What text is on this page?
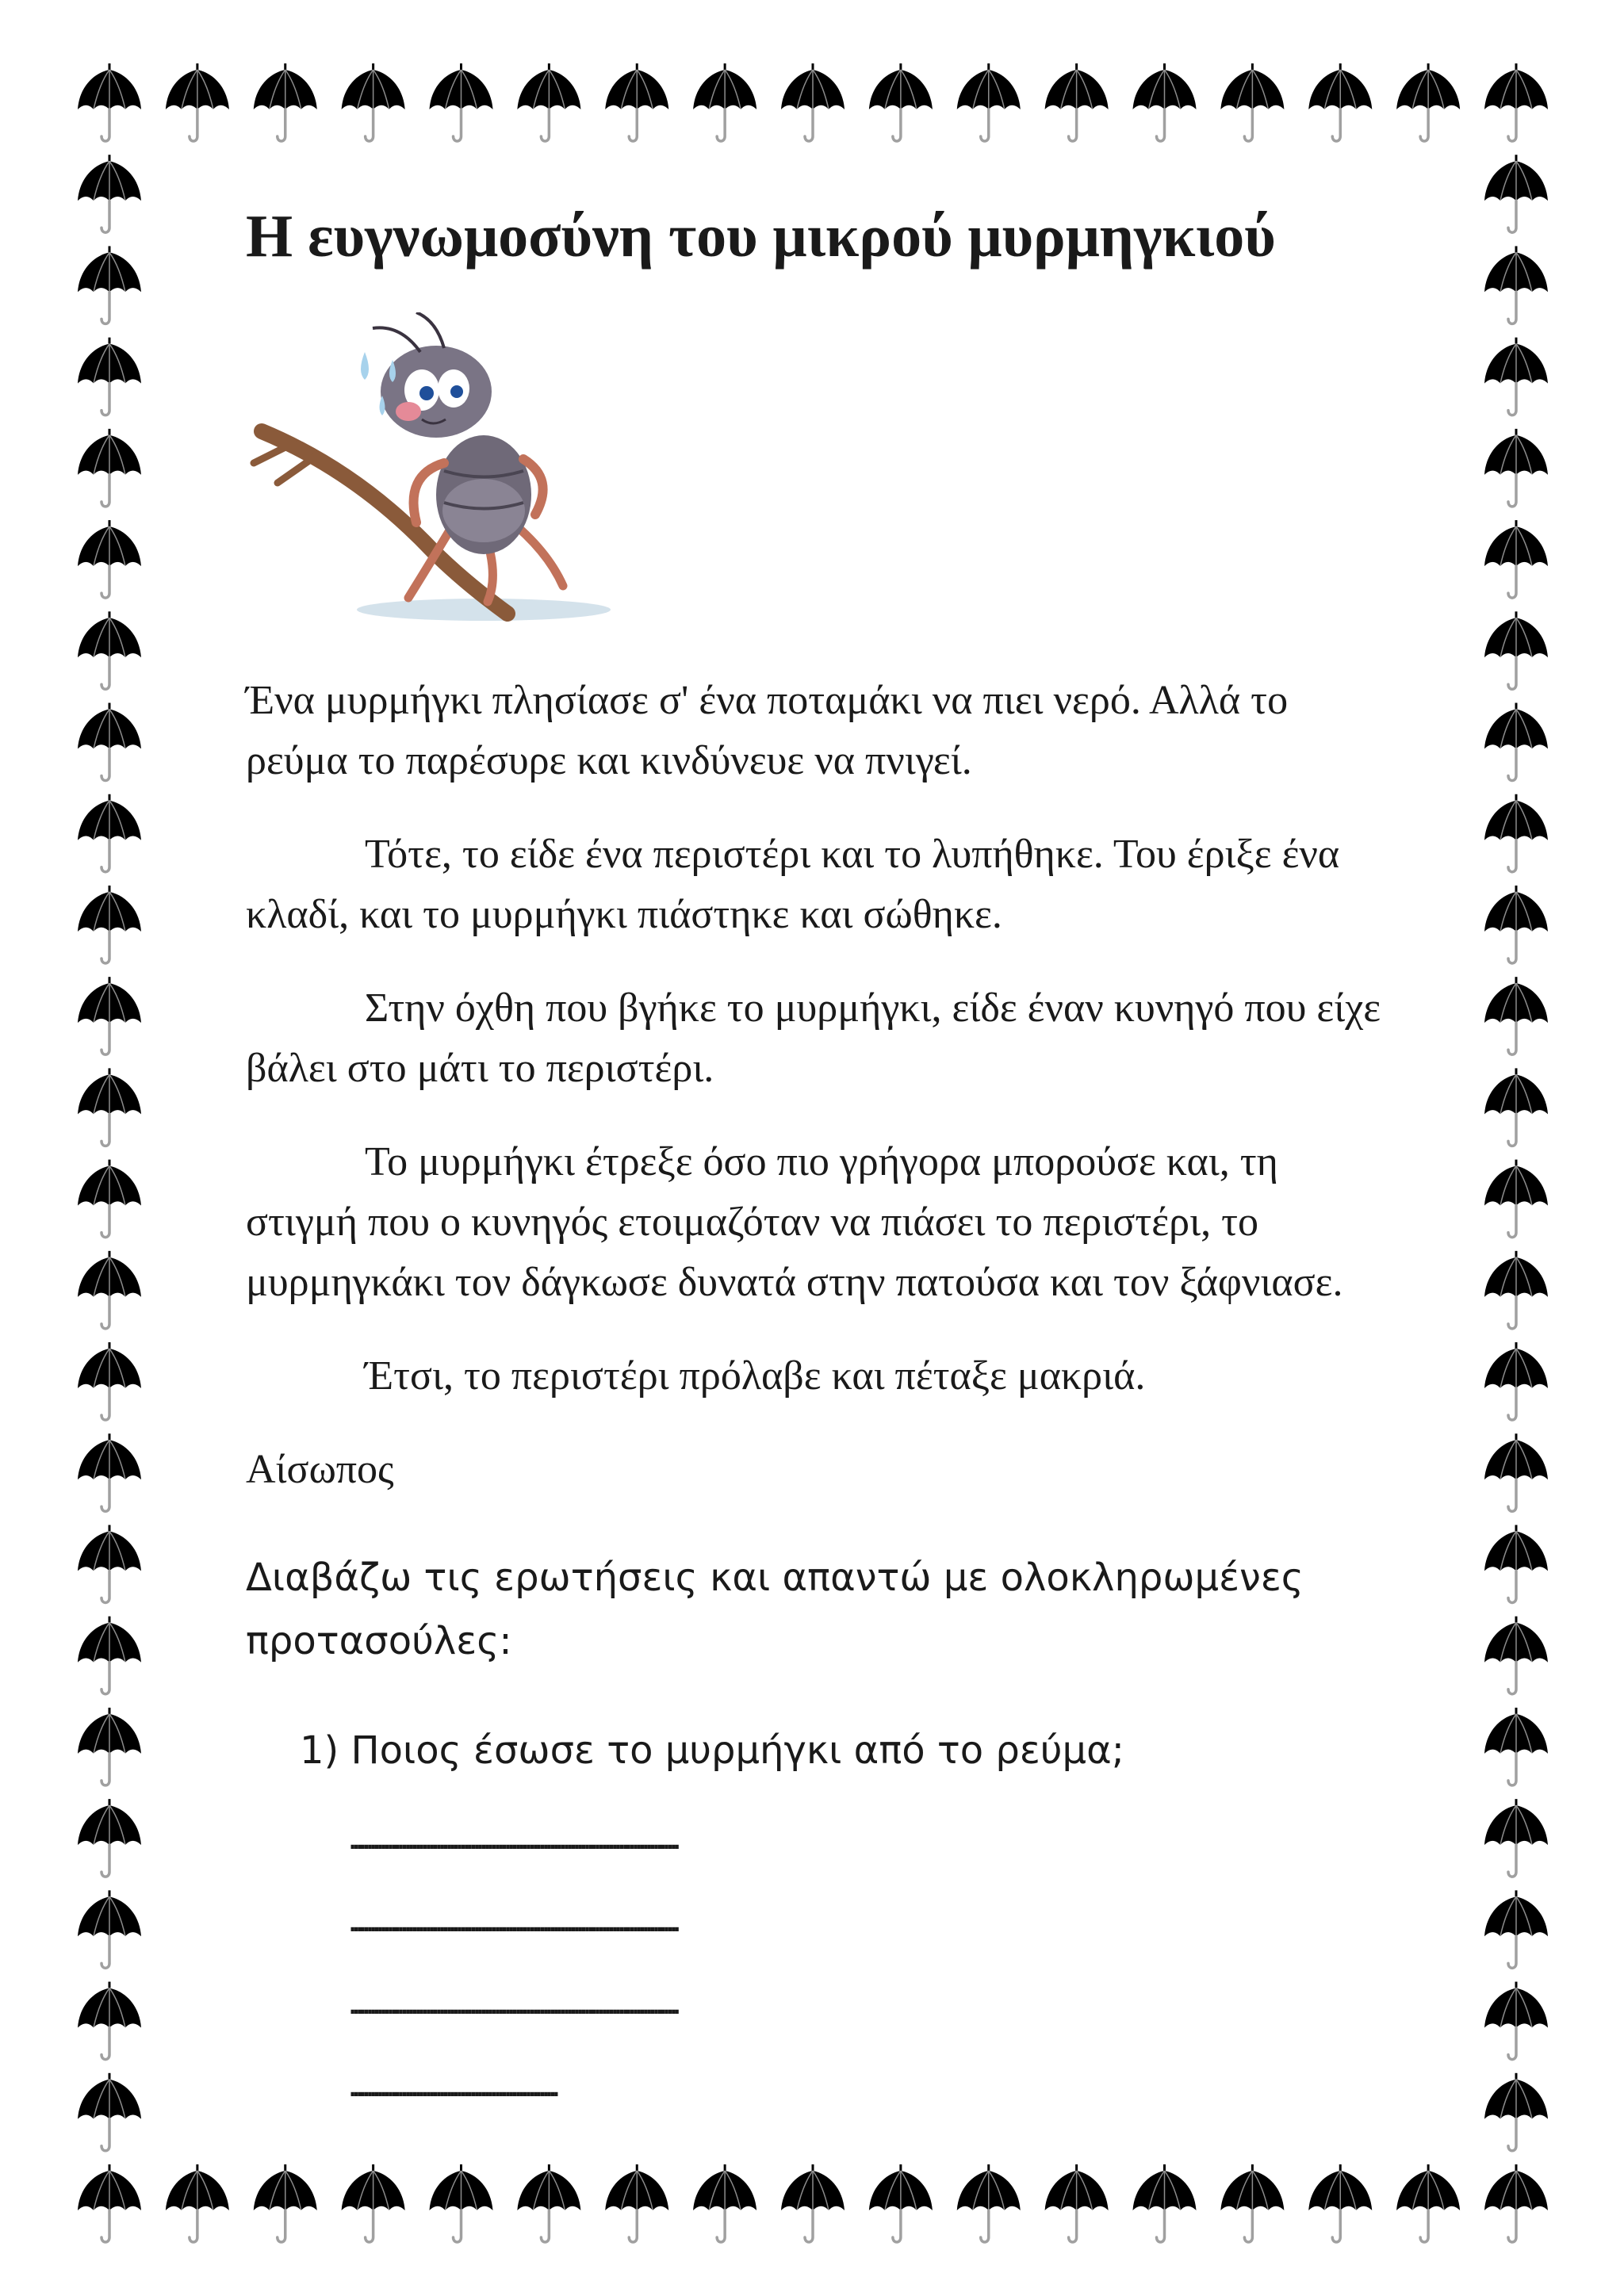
Η ευγνωμοσύνη του μικρού μυρμηγκιού

Ένα μυρμήγκι πλησίασε σ' ένα ποταμάκι να πιει νερό. Αλλά το ρεύμα το παρέσυρε και κινδύνευε να πνιγεί.

Τότε, το είδε ένα περιστέρι και το λυπήθηκε. Του έριξε ένα κλαδί, και το μυρμήγκι πιάστηκε και σώθηκε.

Στην όχθη που βγήκε το μυρμήγκι, είδε έναν κυνηγό που είχε βάλει στο μάτι το περιστέρι.

Το μυρμήγκι έτρεξε όσο πιο γρήγορα μπορούσε και, τη στιγμή που ο κυνηγός ετοιμαζόταν να πιάσει το περιστέρι, το μυρμηγκάκι τον δάγκωσε δυνατά στην πατούσα και τον ξάφνιασε.

Έτσι, το περιστέρι πρόλαβε και πέταξε μακριά.

Αίσωπος

Διαβάζω τις ερωτήσεις και απαντώ με ολοκληρωμένες προτασούλες:

1) Ποιος έσωσε το μυρμήγκι από το ρεύμα;

...............................................................................................
...............................................................................................
...............................................................................................
............................................................
